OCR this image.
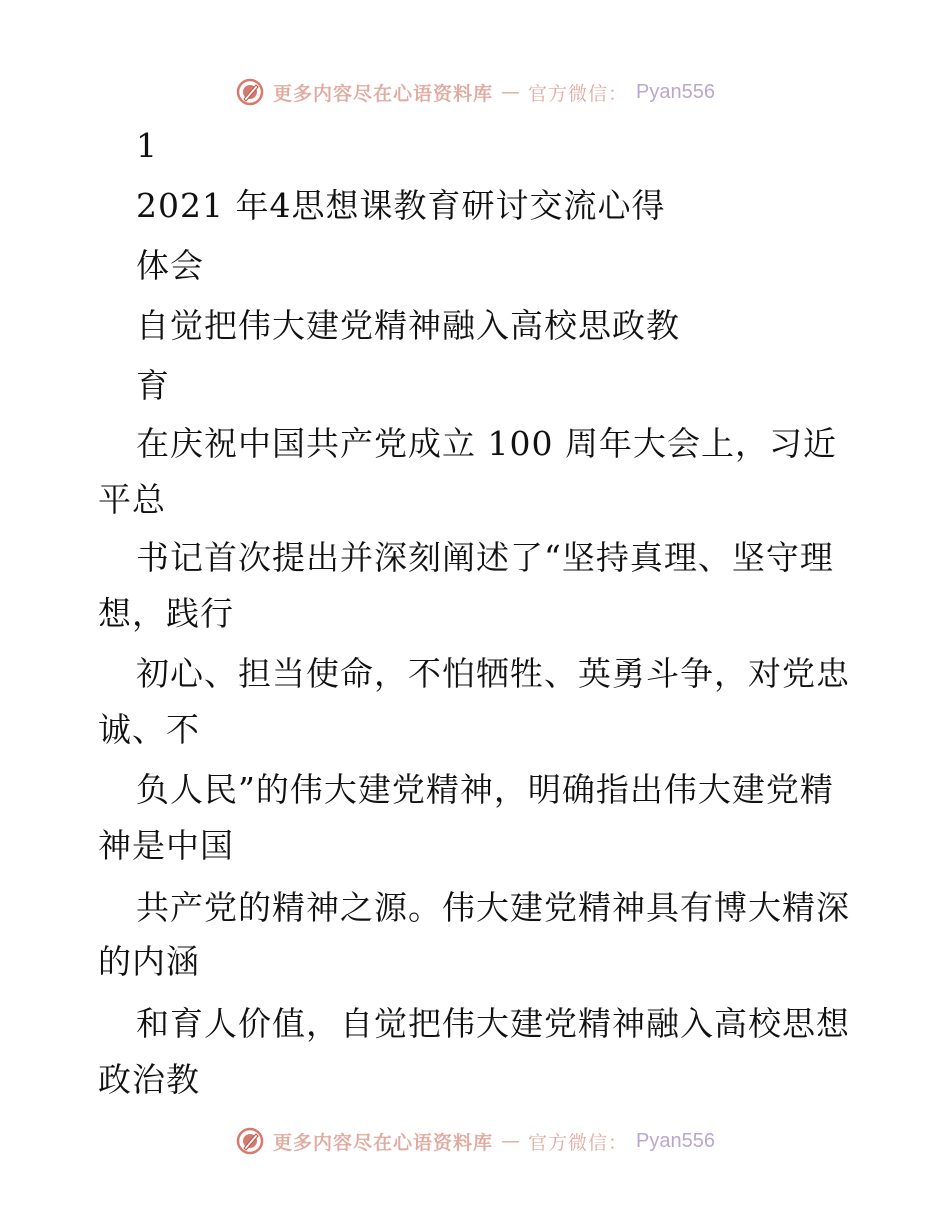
更多内容尽在心语资料库 — 官方微信： Pyan556
1
2021 年4思想课教育研讨交流心得
体会
自觉把伟大建党精神融入高校思政教
育
在庆祝中国共产党成立 100 周年大会上，习近
平总
书记首次提出并深刻阐述了“坚持真理、坚守理
想，践行
初心、担当使命，不怕牺牲、英勇斗争，对党忠
诚、不
负人民”的伟大建党精神，明确指出伟大建党精
神是中国
共产党的精神之源。伟大建党精神具有博大精深
的内涵
和育人价值，自觉把伟大建党精神融入高校思想
政治教
更多内容尽在心语资料库 — 官方微信： Pyan556
